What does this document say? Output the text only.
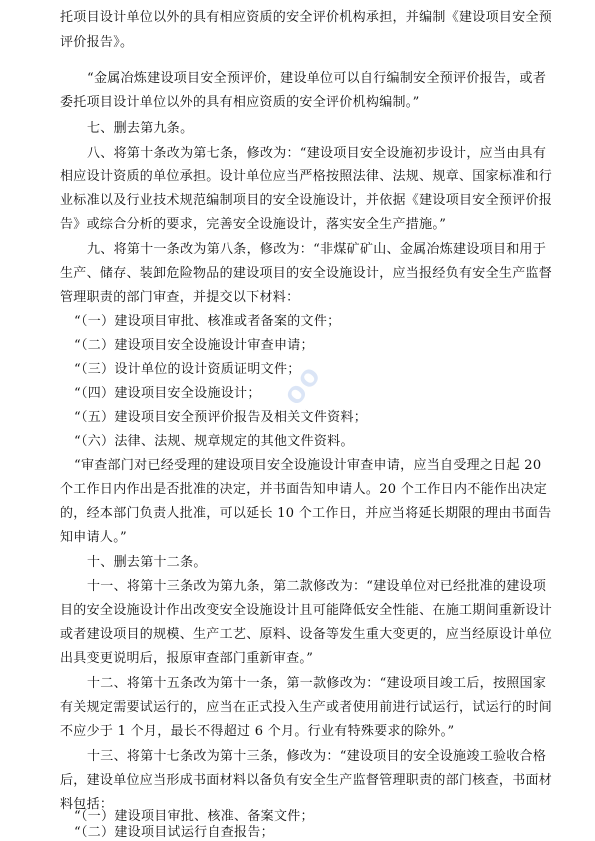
托项目设计单位以外的具有相应资质的安全评价机构承担，并编制《建设项目安全预
评价报告》。
“金属冶炼建设项目安全预评价，建设单位可以自行编制安全预评价报告，或者
委托项目设计单位以外的具有相应资质的安全评价机构编制。”
七、删去第九条。
八、将第十条改为第七条，修改为：“建设项目安全设施初步设计，应当由具有
相应设计资质的单位承担。设计单位应当严格按照法律、法规、规章、国家标准和行
业标准以及行业技术规范编制项目的安全设施设计，并依据《建设项目安全预评价报
告》或综合分析的要求，完善安全设施设计，落实安全生产措施。”
九、将第十一条改为第八条，修改为：“非煤矿矿山、金属冶炼建设项目和用于
生产、储存、装卸危险物品的建设项目的安全设施设计，应当报经负有安全生产监督
管理职责的部门审查，并提交以下材料：
“（一）建设项目审批、核准或者备案的文件；
“（二）建设项目安全设施设计审查申请；
“（三）设计单位的设计资质证明文件；
“（四）建设项目安全设施设计；
“（五）建设项目安全预评价报告及相关文件资料；
“（六）法律、法规、规章规定的其他文件资料。
“审查部门对已经受理的建设项目安全设施设计审查申请，应当自受理之日起 20
个工作日内作出是否批准的决定，并书面告知申请人。20 个工作日内不能作出决定
的，经本部门负责人批准，可以延长 10 个工作日，并应当将延长期限的理由书面告
知申请人。”
十、删去第十二条。
十一、将第十三条改为第九条，第二款修改为：“建设单位对已经批准的建设项
目的安全设施设计作出改变安全设施设计且可能降低安全性能、在施工期间重新设计
或者建设项目的规模、生产工艺、原料、设备等发生重大变更的，应当经原设计单位
出具变更说明后，报原审查部门重新审查。”
十二、将第十五条改为第十一条，第一款修改为：“建设项目竣工后，按照国家
有关规定需要试运行的，应当在正式投入生产或者使用前进行试运行，试运行的时间
不应少于 1 个月，最长不得超过 6 个月。行业有特殊要求的除外。”
十三、将第十七条改为第十三条，修改为：“建设项目的安全设施竣工验收合格
后，建设单位应当形成书面材料以备负有安全生产监督管理职责的部门核查，书面材
料包括：
“（一）建设项目审批、核准、备案文件；
“（二）建设项目试运行自查报告；
OO
